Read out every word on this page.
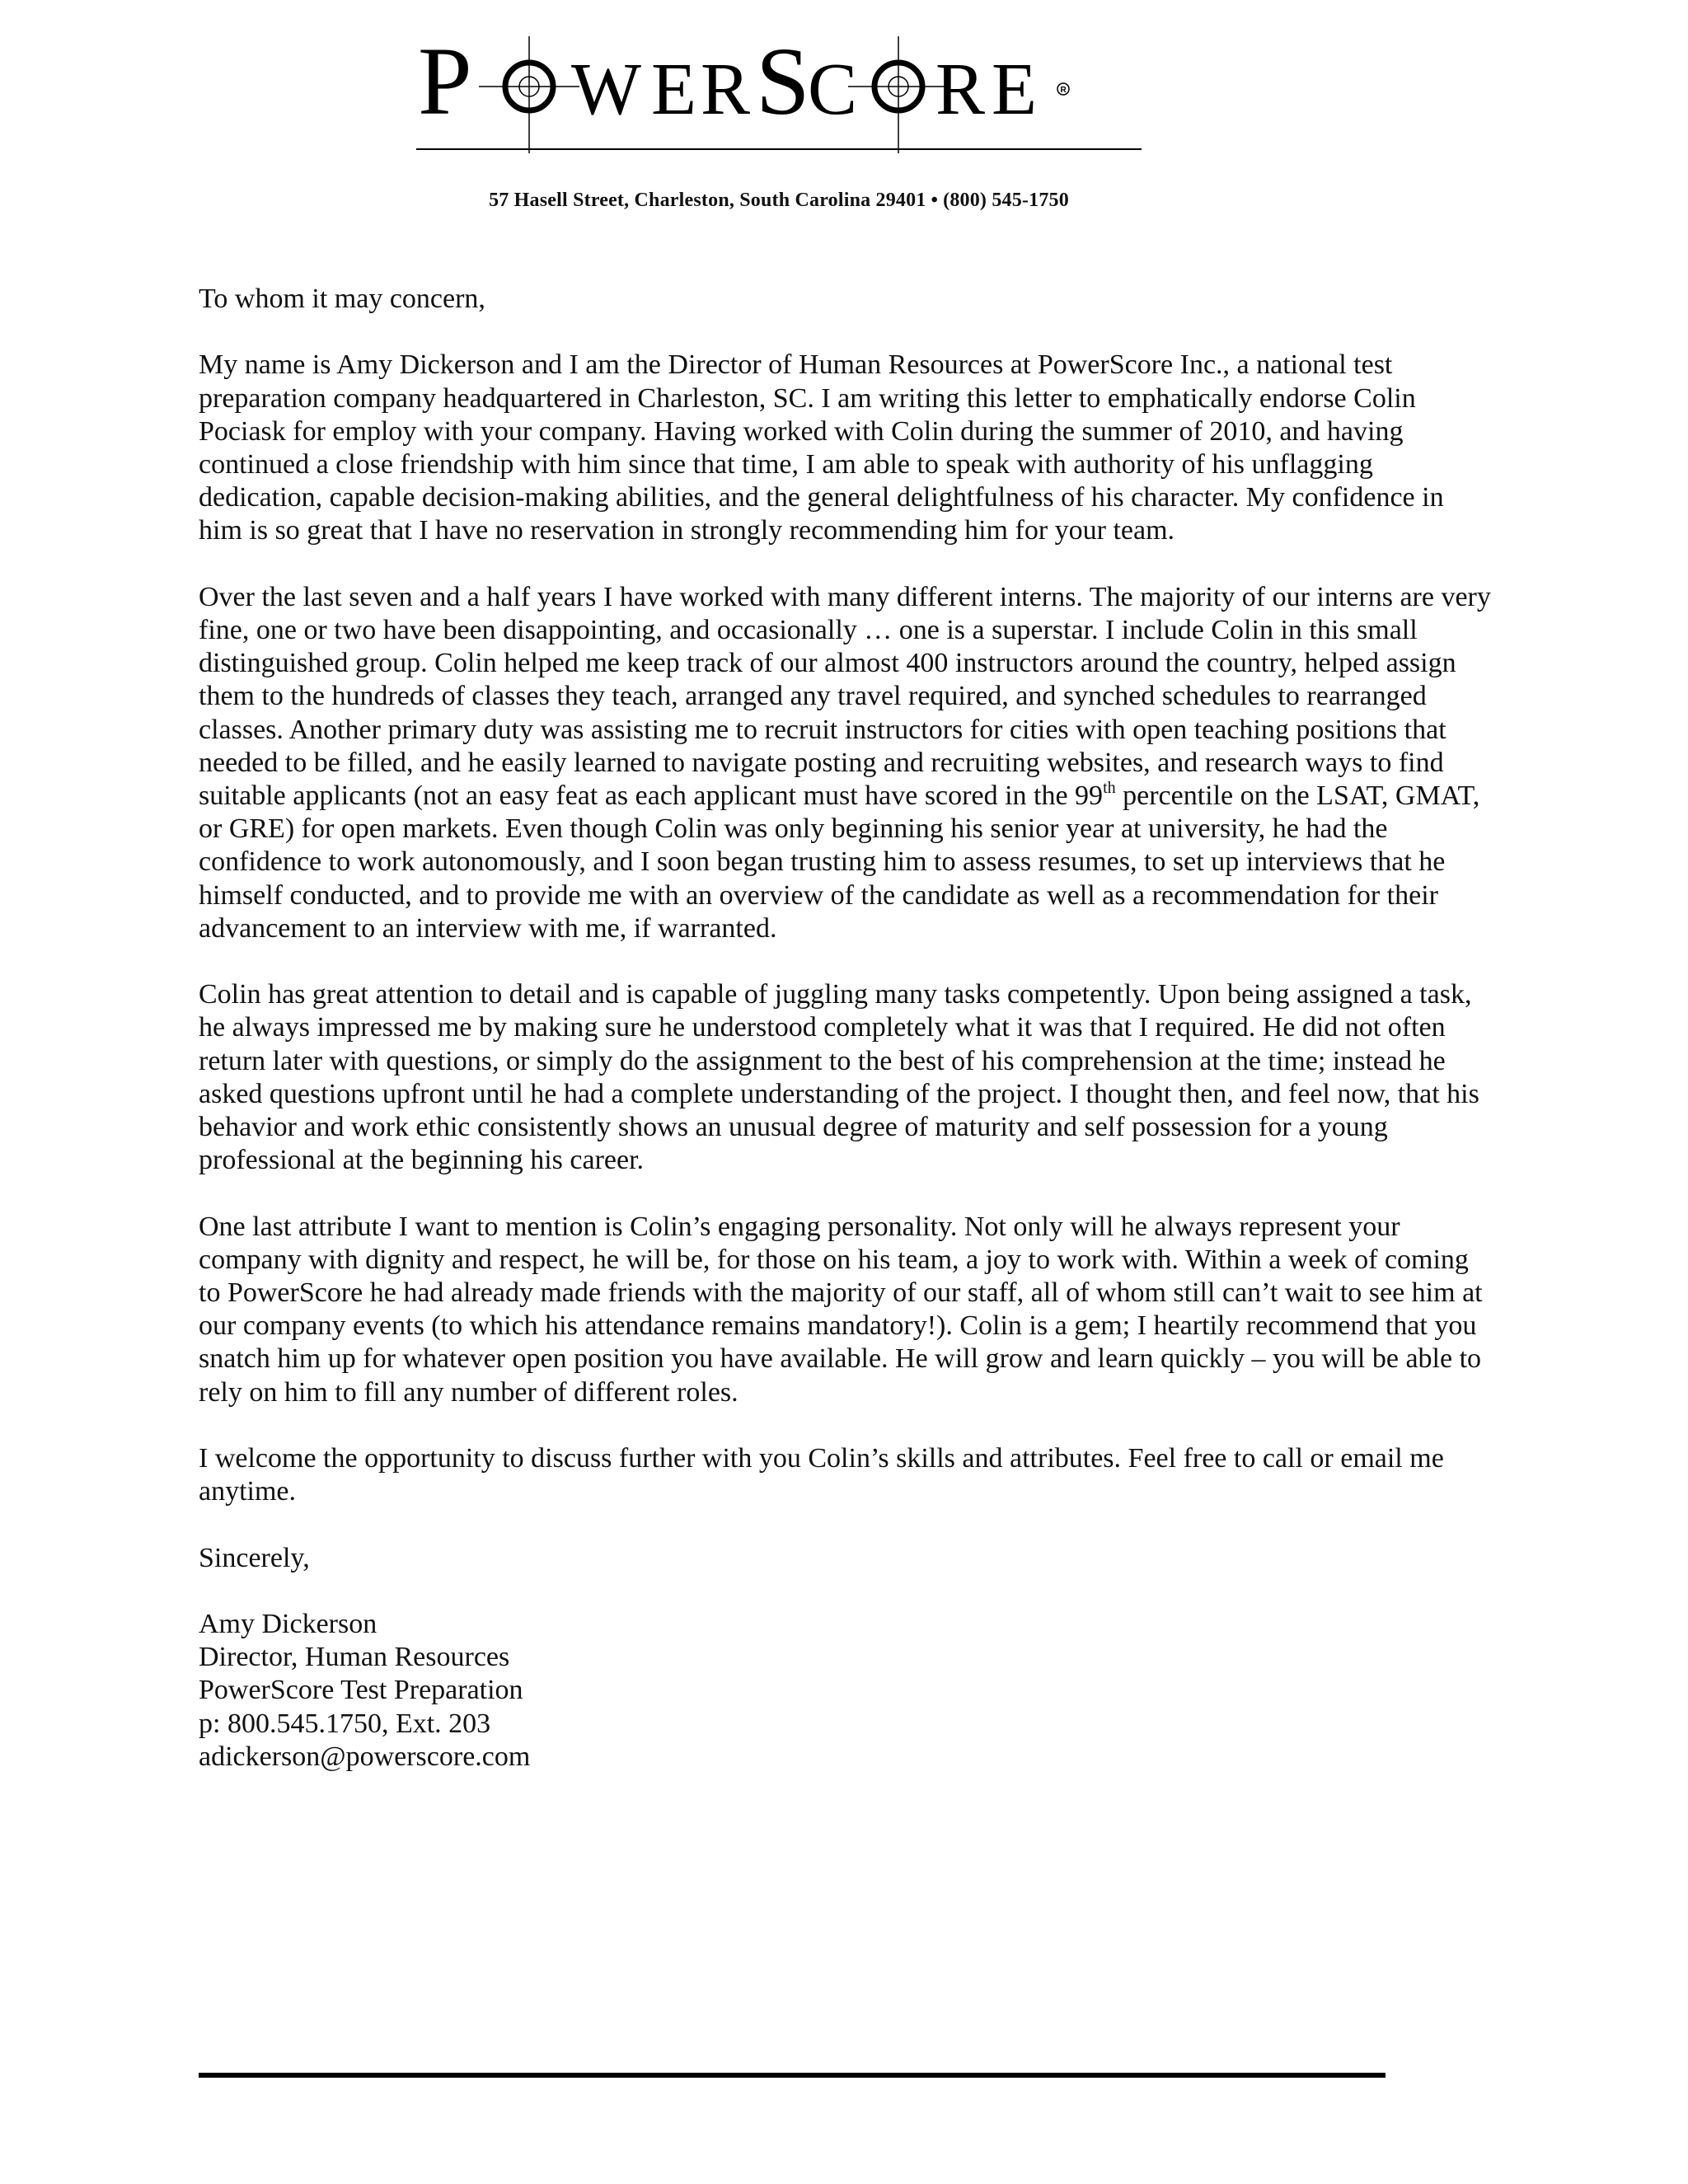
P W E R S
C R E	R
57 Hasell Street, Charleston, South Carolina 29401 • (800) 545-1750

To whom it may concern,

My name is Amy Dickerson and I am the Director of Human Resources at PowerScore Inc., a national test preparation company headquartered in Charleston, SC. I am writing this letter to emphatically endorse Colin Pociask for employ with your company. Having worked with Colin during the summer of 2010, and having continued a close friendship with him since that time, I am able to speak with authority of his unflagging dedication, capable decision-making abilities, and the general delightfulness of his character. My confidence in him is so great that I have no reservation in strongly recommending him for your team.

Over the last seven and a half years I have worked with many different interns. The majority of our interns are very fine, one or two have been disappointing, and occasionally … one is a superstar. I include Colin in this small distinguished group. Colin helped me keep track of our almost 400 instructors around the country, helped assign them to the hundreds of classes they teach, arranged any travel required, and synched schedules to rearranged classes. Another primary duty was assisting me to recruit instructors for cities with open teaching positions that needed to be filled, and he easily learned to navigate posting and recruiting websites, and research ways to find suitable applicants (not an easy feat as each applicant must have scored in the 99th percentile on the LSAT, GMAT, or GRE) for open markets. Even though Colin was only beginning his senior year at university, he had the confidence to work autonomously, and I soon began trusting him to assess resumes, to set up interviews that he himself conducted, and to provide me with an overview of the candidate as well as a recommendation for their advancement to an interview with me, if warranted.

Colin has great attention to detail and is capable of juggling many tasks competently. Upon being assigned a task, he always impressed me by making sure he understood completely what it was that I required. He did not often return later with questions, or simply do the assignment to the best of his comprehension at the time; instead he asked questions upfront until he had a complete understanding of the project. I thought then, and feel now, that his behavior and work ethic consistently shows an unusual degree of maturity and self possession for a young professional at the beginning his career.

One last attribute I want to mention is Colin’s engaging personality. Not only will he always represent your company with dignity and respect, he will be, for those on his team, a joy to work with. Within a week of coming to PowerScore he had already made friends with the majority of our staff, all of whom still can’t wait to see him at our company events (to which his attendance remains mandatory!). Colin is a gem; I heartily recommend that you snatch him up for whatever open position you have available. He will grow and learn quickly – you will be able to rely on him to fill any number of different roles.

I welcome the opportunity to discuss further with you Colin’s skills and attributes. Feel free to call or email me anytime.

Sincerely,

Amy Dickerson
Director, Human Resources
PowerScore Test Preparation
p: 800.545.1750, Ext. 203
adickerson@powerscore.com
